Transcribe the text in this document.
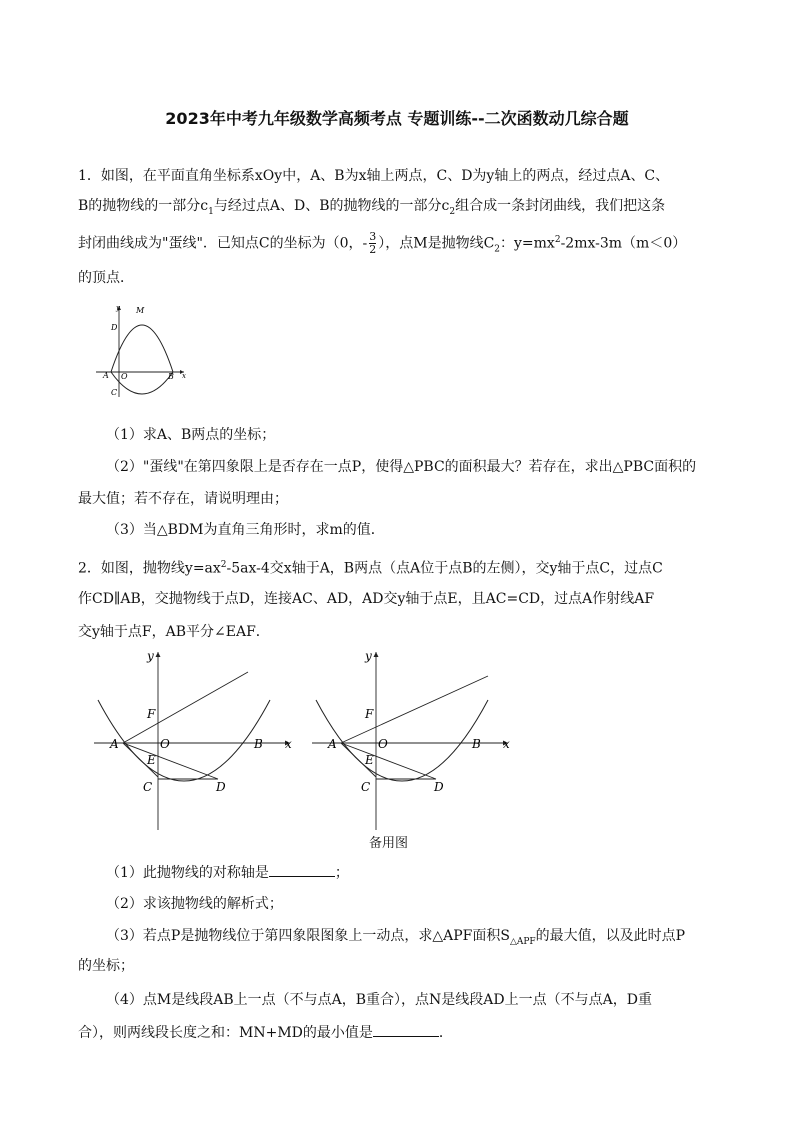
2023年中考九年级数学高频考点 专题训练--二次函数动几综合题
1．如图，在平面直角坐标系xOy中，A、B为x轴上两点，C、D为y轴上的两点，经过点A、C、
B的抛物线的一部分$c_1$与经过点A、D、B的抛物线的一部分$c_2$组合成一条封闭曲线，我们把这条
封闭曲线成为"蛋线"．已知点C的坐标为（0，- $\frac{3}{2}$ ），点M是抛物线$C_2$：$y=mx^2-2mx-3m(m<0)$
的顶点．
y M
D
A O	B x
C
（1）求A、B两点的坐标；
（2）"蛋线"在第四象限上是否存在一点P，使得△PBC的面积最大？若存在，求出△PBC面积的
最大值；若不存在，请说明理由；
（3）当△BDM为直角三角形时，求m的值．
2．如图，抛物线$y=ax^2-5ax-4$交x轴于A，B两点（点A位于点B的左侧），交y轴于点C，过点C
作CD∥AB，交抛物线于点D，连接AC、AD，AD交y轴于点E，且AC=CD，过点A作射线AF
交y轴于点F，AB平分∠EAF．
y
F
A	O	B x
E
C	D
y
F
A	O	B x
E
C	D
备用图
（1）此抛物线的对称轴是	；
（2）求该抛物线的解析式；
（3）若点P是抛物线位于第四象限图象上一动点，求△APF面积$S_{\triangle APF}$的最大值，以及此时点P
的坐标；
（4）点M是线段AB上一点（不与点A，B重合），点N是线段AD上一点（不与点A，D重
合），则两线段长度之和：MN+MD的最小值是	．
